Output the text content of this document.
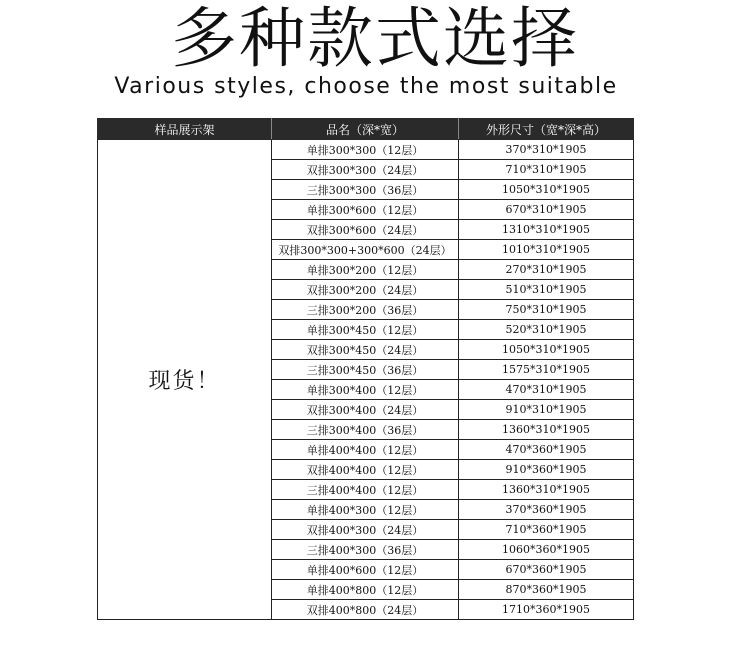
多种款式选择
Various styles, choose the most suitable
样品展示架	品名（深*宽）	外形尺寸（宽*深*高）
现货！	单排300*300（12层）	370*310*1905
	双排300*300（24层）	710*310*1905
	三排300*300（36层）	1050*310*1905
	单排300*600（12层）	670*310*1905
	双排300*600（24层）	1310*310*1905
	双排300*300+300*600（24层）	1010*310*1905
	单排300*200（12层）	270*310*1905
	双排300*200（24层）	510*310*1905
	三排300*200（36层）	750*310*1905
	单排300*450（12层）	520*310*1905
	双排300*450（24层）	1050*310*1905
	三排300*450（36层）	1575*310*1905
	单排300*400（12层）	470*310*1905
	双排300*400（24层）	910*310*1905
	三排300*400（36层）	1360*310*1905
	单排400*400（12层）	470*360*1905
	双排400*400（12层）	910*360*1905
	三排400*400（12层）	1360*310*1905
	单排400*300（12层）	370*360*1905
	双排400*300（24层）	710*360*1905
	三排400*300（36层）	1060*360*1905
	单排400*600（12层）	670*360*1905
	单排400*800（12层）	870*360*1905
	双排400*800（24层）	1710*360*1905
